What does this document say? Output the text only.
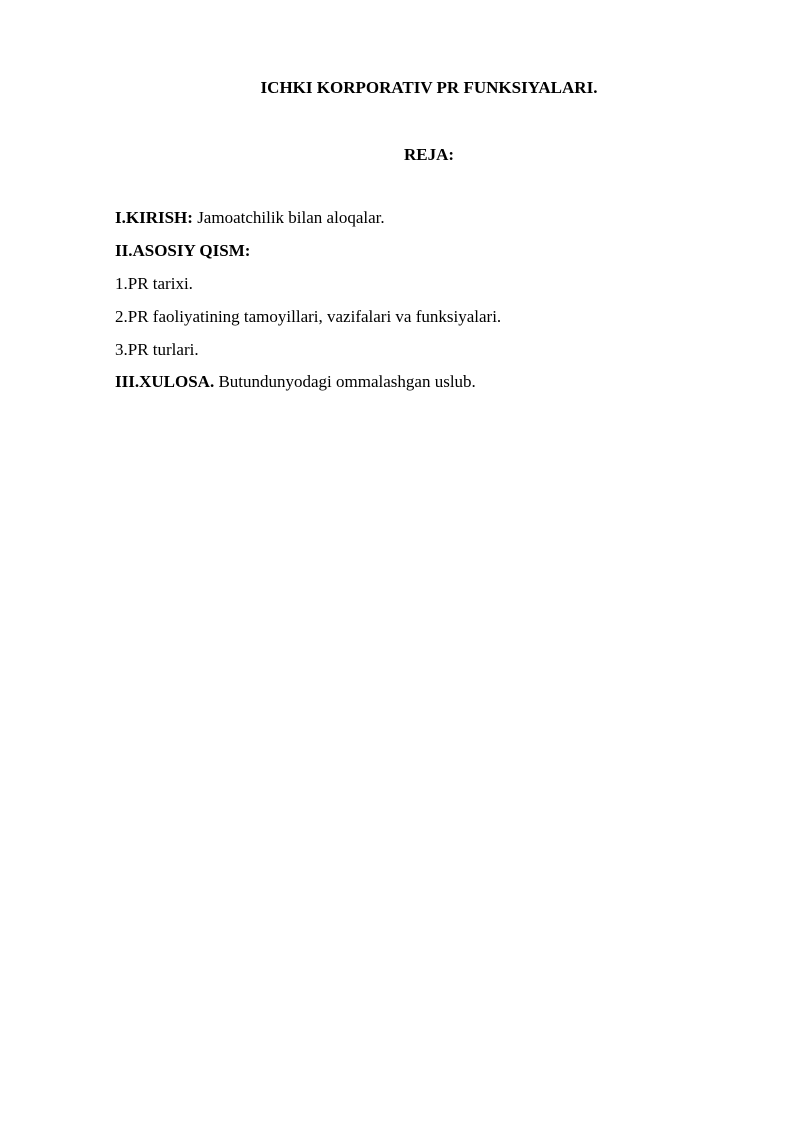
ICHKI KORPORATIV PR FUNKSIYALARI.
REJA:
I.KIRISH: Jamoatchilik bilan aloqalar.
II.ASOSIY QISM:
1.PR tarixi.
2.PR faoliyatining tamoyillari, vazifalari va funksiyalari.
3.PR turlari.
III.XULOSA. Butundunyodagi ommalashgan uslub.
